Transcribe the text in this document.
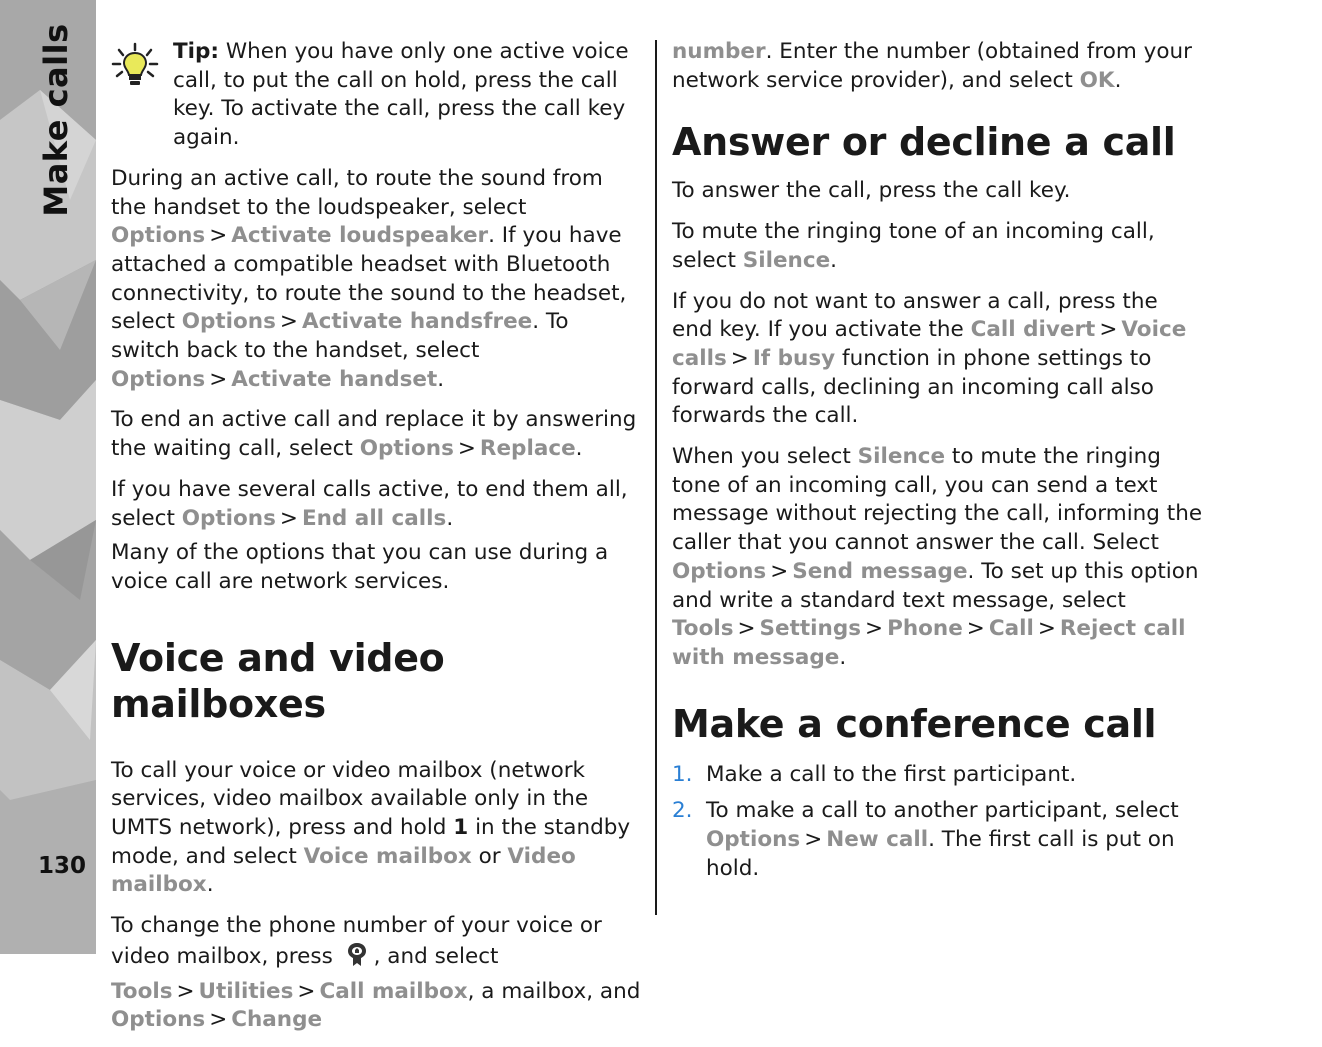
Make calls
130
Tip: When you have only one active voice call, to put the call on hold, press the call key. To activate the call, press the call key again.

During an active call, to route the sound from the handset to the loudspeaker, select Options > Activate loudspeaker. If you have attached a compatible headset with Bluetooth connectivity, to route the sound to the headset, select Options > Activate handsfree. To switch back to the handset, select Options > Activate handset.

To end an active call and replace it by answering the waiting call, select Options > Replace.

If you have several calls active, to end them all, select Options > End all calls.

Many of the options that you can use during a voice call are network services.

Voice and video mailboxes

To call your voice or video mailbox (network services, video mailbox available only in the UMTS network), press and hold 1 in the standby mode, and select Voice mailbox or Video mailbox.

To change the phone number of your voice or video mailbox, press , and select Tools > Utilities > Call mailbox, a mailbox, and Options > Change

number. Enter the number (obtained from your network service provider), and select OK.

Answer or decline a call

To answer the call, press the call key.

To mute the ringing tone of an incoming call, select Silence.

If you do not want to answer a call, press the end key. If you activate the Call divert > Voice calls > If busy function in phone settings to forward calls, declining an incoming call also forwards the call.

When you select Silence to mute the ringing tone of an incoming call, you can send a text message without rejecting the call, informing the caller that you cannot answer the call. Select Options > Send message. To set up this option and write a standard text message, select Tools > Settings > Phone > Call > Reject call with message.

Make a conference call
1. Make a call to the first participant.
2. To make a call to another participant, select Options > New call. The first call is put on hold.
